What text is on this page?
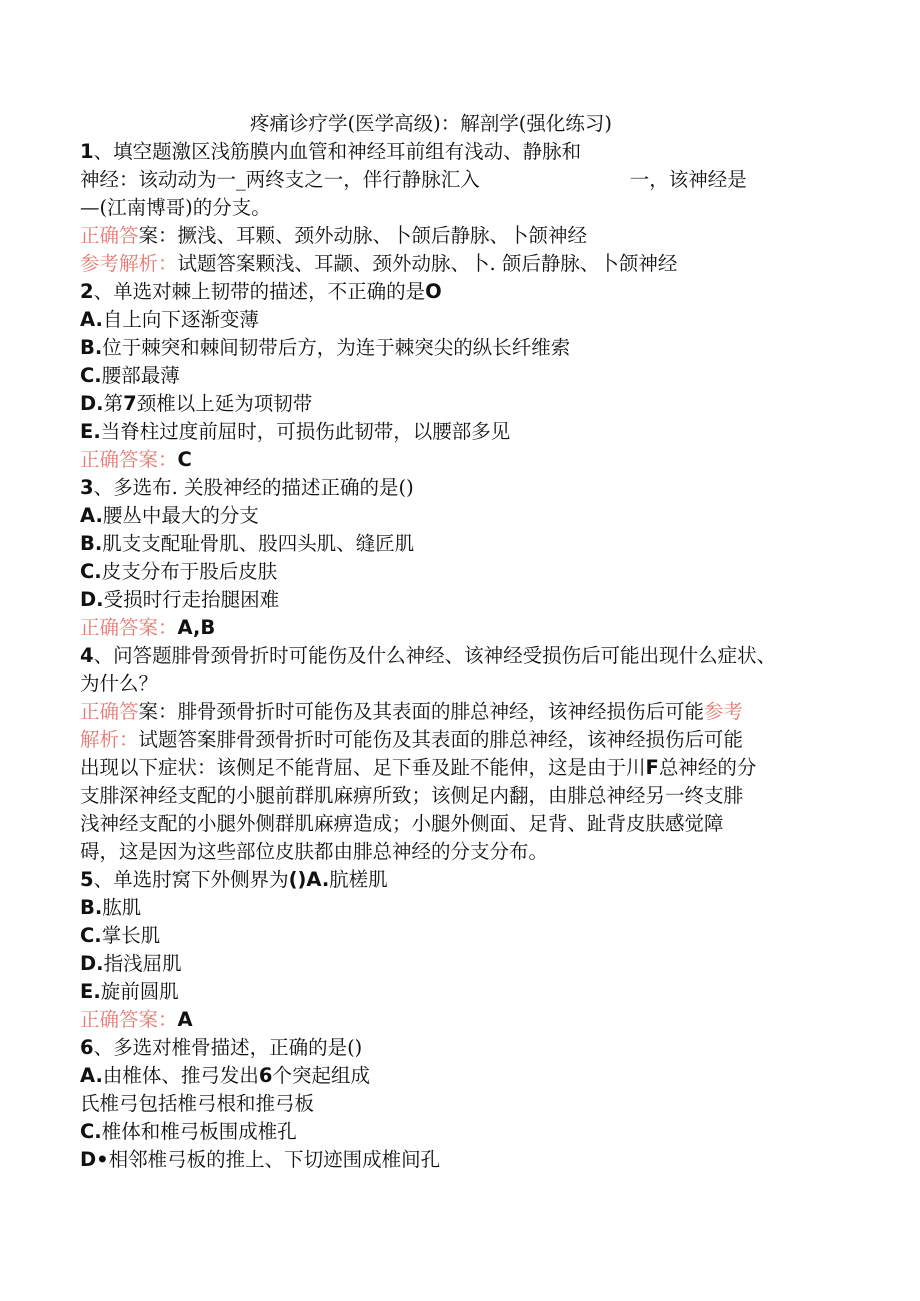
疼痛诊疗学(医学高级)：解剖学(强化练习)
1、填空题激区浅筋膜内血管和神经耳前组有浅动、静脉和
神经：该动动为一_两终支之一，伴行静脉汇入	一，该神经是
—(江南博哥)的分支。
正确答案：撅浅、耳颗、颈外动脉、卜颌后静脉、卜颌神经
参考解析：试题答案颗浅、耳颛、颈外动脉、卜. 颌后静脉、卜颌神经
2、单选对棘上韧带的描述，不正确的是O
A.自上向下逐渐变薄
B.位于棘突和棘间韧带后方，为连于棘突尖的纵长纤维索
C.腰部最薄
D.第7颈椎以上延为项韧带
E.当脊柱过度前屈时，可损伤此韧带，以腰部多见
正确答案：C
3、多选布. 关股神经的描述正确的是()
A.腰丛中最大的分支
B.肌支支配耻骨肌、股四头肌、缝匠肌
C.皮支分布于股后皮肤
D.受损时行走抬腿困难
正确答案：A,B
4、问答题腓骨颈骨折时可能伤及什么神经、该神经受损伤后可能出现什么症状、
为什么？
正确答案：腓骨颈骨折时可能伤及其表面的腓总神经，该神经损伤后可能参考
解析：试题答案腓骨颈骨折时可能伤及其表面的腓总神经，该神经损伤后可能
出现以下症状：该侧足不能背屈、足下垂及趾不能伸，这是由于川F总神经的分
支腓深神经支配的小腿前群肌麻痹所致；该侧足内翻，由腓总神经另一终支腓
浅神经支配的小腿外侧群肌麻痹造成；小腿外侧面、足背、趾背皮肤感觉障
碍，这是因为这些部位皮肤都由腓总神经的分支分布。
5、单选肘窝下外侧界为()A.肮槎肌
B.肱肌
C.掌长肌
D.指浅屈肌
E.旋前圆肌
正确答案：A
6、多选对椎骨描述，正确的是()
A.由椎体、推弓发出6个突起组成
氏椎弓包括椎弓根和推弓板
C.椎体和椎弓板围成椎孔
D•相邻椎弓板的推上、下切迹围成椎间孔
